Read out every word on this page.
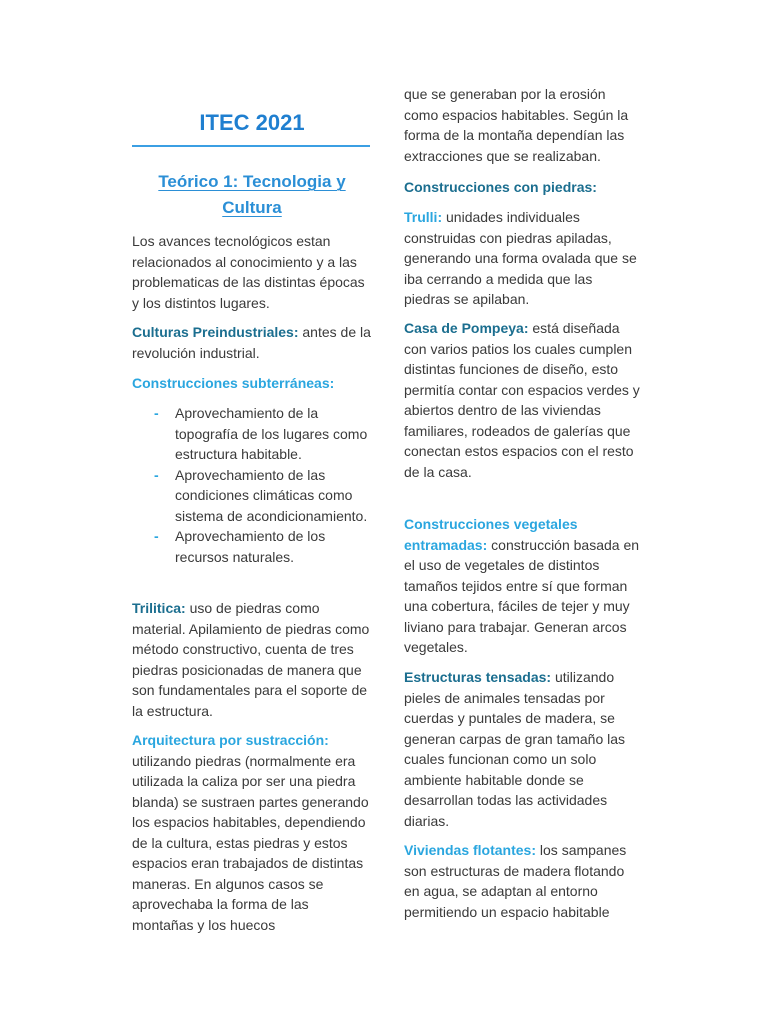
ITEC 2021
Teórico 1: Tecnologia y Cultura

Los avances tecnológicos estan relacionados al conocimiento y a las problematicas de las distintas épocas y los distintos lugares.

Culturas Preindustriales: antes de la revolución industrial.

Construcciones subterráneas:

- Aprovechamiento de la topografía de los lugares como estructura habitable.
- Aprovechamiento de las condiciones climáticas como sistema de acondicionamiento.
- Aprovechamiento de los recursos naturales.

Trilitica: uso de piedras como material. Apilamiento de piedras como método constructivo, cuenta de tres piedras posicionadas de manera que son fundamentales para el soporte de la estructura.

Arquitectura por sustracción: utilizando piedras (normalmente era utilizada la caliza por ser una piedra blanda) se sustraen partes generando los espacios habitables, dependiendo de la cultura, estas piedras y estos espacios eran trabajados de distintas maneras. En algunos casos se aprovechaba la forma de las montañas y los huecos

que se generaban por la erosión como espacios habitables. Según la forma de la montaña dependían las extracciones que se realizaban.

Construcciones con piedras:

Trulli: unidades individuales construidas con piedras apiladas, generando una forma ovalada que se iba cerrando a medida que las piedras se apilaban.

Casa de Pompeya: está diseñada con varios patios los cuales cumplen distintas funciones de diseño, esto permitía contar con espacios verdes y abiertos dentro de las viviendas familiares, rodeados de galerías que conectan estos espacios con el resto de la casa.

Construcciones vegetales entramadas: construcción basada en el uso de vegetales de distintos tamaños tejidos entre sí que forman una cobertura, fáciles de tejer y muy liviano para trabajar. Generan arcos vegetales.

Estructuras tensadas: utilizando pieles de animales tensadas por cuerdas y puntales de madera, se generan carpas de gran tamaño las cuales funcionan como un solo ambiente habitable donde se desarrollan todas las actividades diarias.

Viviendas flotantes: los sampanes son estructuras de madera flotando en agua, se adaptan al entorno permitiendo un espacio habitable
